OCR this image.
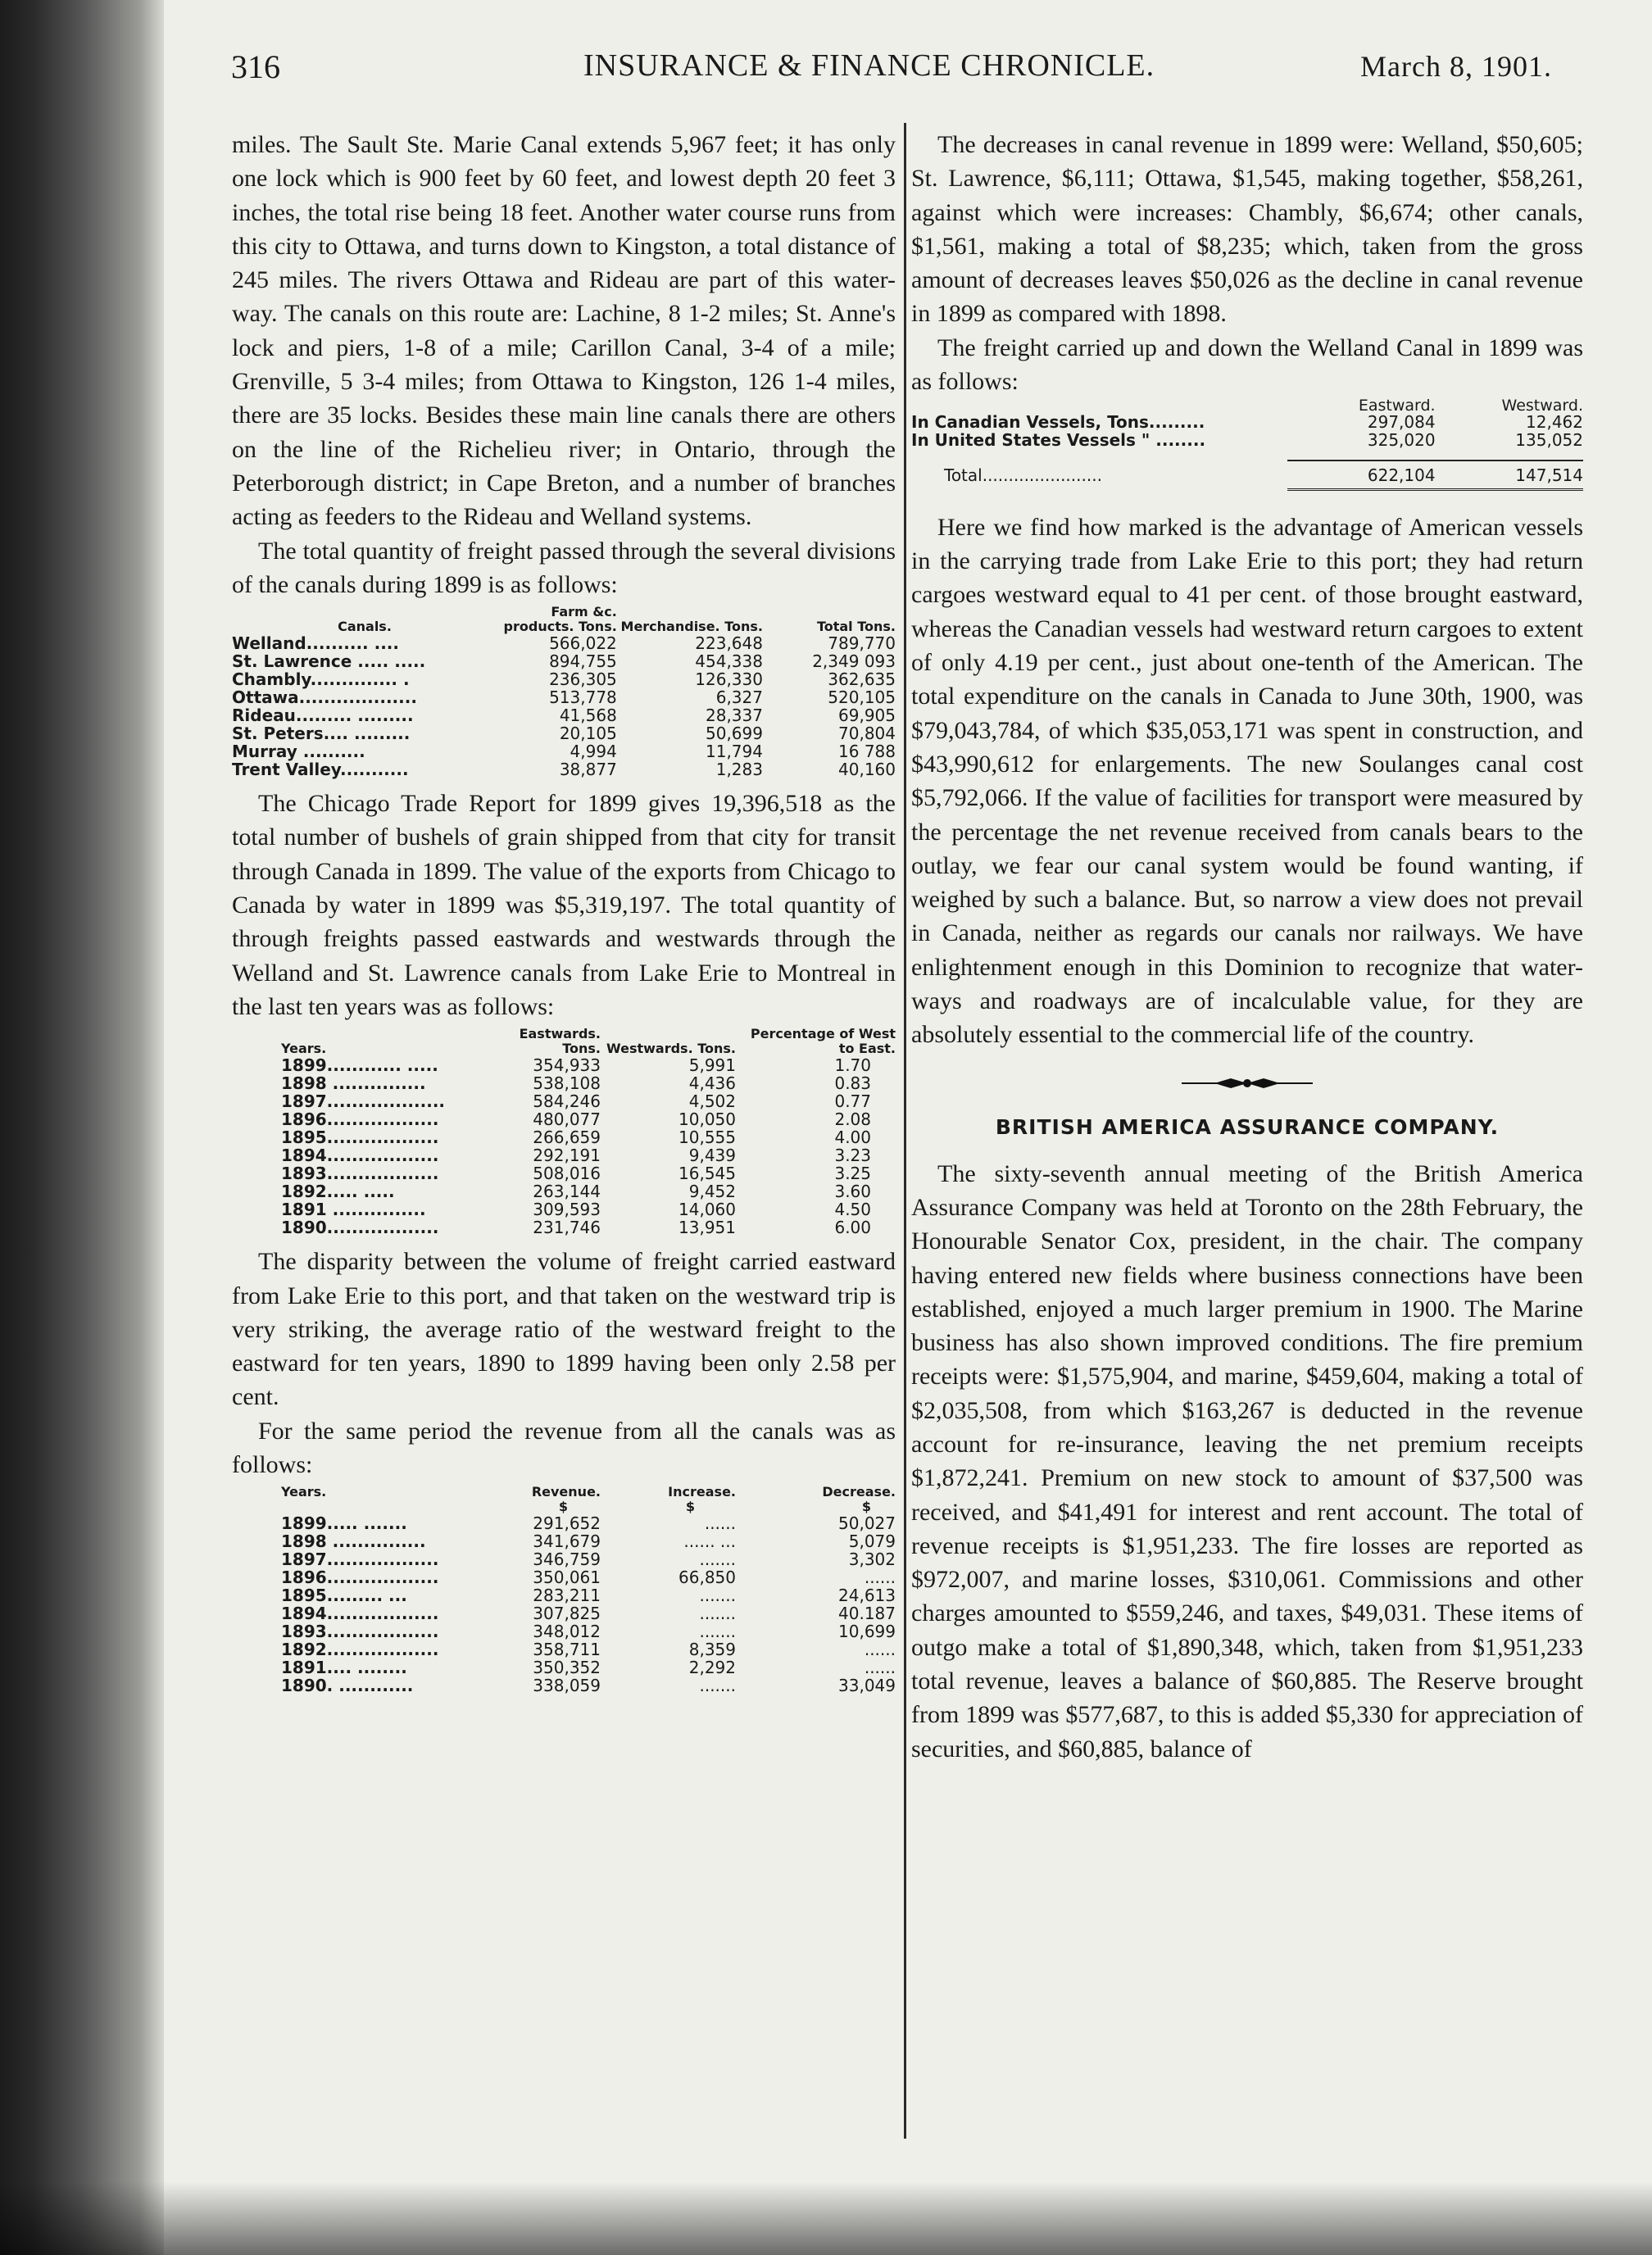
316	INSURANCE & FINANCE CHRONICLE.	March 8, 1901.

miles. The Sault Ste. Marie Canal extends 5,967 feet; it has only one lock which is 900 feet by 60 feet, and lowest depth 20 feet 3 inches, the total rise being 18 feet. Another water course runs from this city to Ottawa, and turns down to Kingston, a total distance of 245 miles. The rivers Ottawa and Rideau are part of this water-way. The canals on this route are: Lachine, 8 1-2 miles; St. Anne's lock and piers, 1-8 of a mile; Carillon Canal, 3-4 of a mile; Grenville, 5 3-4 miles; from Ottawa to Kingston, 126 1-4 miles, there are 35 locks. Besides these main line canals there are others on the line of the Richelieu river; in Ontario, through the Peterborough district; in Cape Breton, and a number of branches acting as feeders to the Rideau and Welland systems.

The total quantity of freight passed through the several divisions of the canals during 1899 is as follows:

Canals.	Farm &c. products. Tons.	Merchandise. Tons.	Total Tons.
Welland.......... ....	566,022	223,648	789,770
St. Lawrence ..... .....	894,755	454,338	2,349 093
Chambly.............. .	236,305	126,330	362,635
Ottawa...................	513,778	6,327	520,105
Rideau......... .........	41,568	28,337	69,905
St. Peters.... .........	20,105	50,699	70,804
Murray ..........	4,994	11,794	16 788
Trent Valley...........	38,877	1,283	40,160

The Chicago Trade Report for 1899 gives 19,396,518 as the total number of bushels of grain shipped from that city for transit through Canada in 1899. The value of the exports from Chicago to Canada by water in 1899 was $5,319,197. The total quantity of through freights passed eastwards and westwards through the Welland and St. Lawrence canals from Lake Erie to Montreal in the last ten years was as follows:

Years.	Eastwards. Tons.	Westwards. Tons.	Percentage of West to East.
1899............ .....	354,933	5,991	1.70
1898 ...............	538,108	4,436	0.83
1897...................	584,246	4,502	0.77
1896..................	480,077	10,050	2.08
1895..................	266,659	10,555	4.00
1894..................	292,191	9,439	3.23
1893..................	508,016	16,545	3.25
1892..... .....	263,144	9,452	3.60
1891 ...............	309,593	14,060	4.50
1890..................	231,746	13,951	6.00

The disparity between the volume of freight carried eastward from Lake Erie to this port, and that taken on the westward trip is very striking, the average ratio of the westward freight to the eastward for ten years, 1890 to 1899 having been only 2.58 per cent.

For the same period the revenue from all the canals was as follows:

Years.	Revenue.	Increase.	Decrease.
	$	$	$
1899..... .......	291,652	......	50,027
1898 ...............	341,679	...... ...	5,079
1897..................	346,759	.......	3,302
1896..................	350,061	66,850	......
1895......... ...	283,211	.......	24,613
1894..................	307,825	.......	40.187
1893..................	348,012	.......	10,699
1892..................	358,711	8,359	......
1891.... ........	350,352	2,292	......
1890. ............	338,059	.......	33,049

The decreases in canal revenue in 1899 were: Welland, $50,605; St. Lawrence, $6,111; Ottawa, $1,545, making together, $58,261, against which were increases: Chambly, $6,674; other canals, $1,561, making a total of $8,235; which, taken from the gross amount of decreases leaves $50,026 as the decline in canal revenue in 1899 as compared with 1898.

The freight carried up and down the Welland Canal in 1899 was as follows:

	Eastward.	Westward.
In Canadian Vessels, Tons.........	297,084	12,462
In United States Vessels " ........	325,020	135,052

Total.......................	622,104	147,514

Here we find how marked is the advantage of American vessels in the carrying trade from Lake Erie to this port; they had return cargoes westward equal to 41 per cent. of those brought eastward, whereas the Canadian vessels had westward return cargoes to extent of only 4.19 per cent., just about one-tenth of the American. The total expenditure on the canals in Canada to June 30th, 1900, was $79,043,784, of which $35,053,171 was spent in construction, and $43,990,612 for enlargements. The new Soulanges canal cost $5,792,066. If the value of facilities for transport were measured by the percentage the net revenue received from canals bears to the outlay, we fear our canal system would be found wanting, if weighed by such a balance. But, so narrow a view does not prevail in Canada, neither as regards our canals nor railways. We have enlightenment enough in this Dominion to recognize that water-ways and roadways are of incalculable value, for they are absolutely essential to the commercial life of the country.

BRITISH AMERICA ASSURANCE COMPANY.

The sixty-seventh annual meeting of the British America Assurance Company was held at Toronto on the 28th February, the Honourable Senator Cox, president, in the chair. The company having entered new fields where business connections have been established, enjoyed a much larger premium in 1900. The Marine business has also shown improved conditions. The fire premium receipts were: $1,575,904, and marine, $459,604, making a total of $2,035,508, from which $163,267 is deducted in the revenue account for re-insurance, leaving the net premium receipts $1,872,241. Premium on new stock to amount of $37,500 was received, and $41,491 for interest and rent account. The total of revenue receipts is $1,951,233. The fire losses are reported as $972,007, and marine losses, $310,061. Commissions and other charges amounted to $559,246, and taxes, $49,031. These items of outgo make a total of $1,890,348, which, taken from $1,951,233 total revenue, leaves a balance of $60,885. The Reserve brought from 1899 was $577,687, to this is added $5,330 for appreciation of securities, and $60,885, balance of
